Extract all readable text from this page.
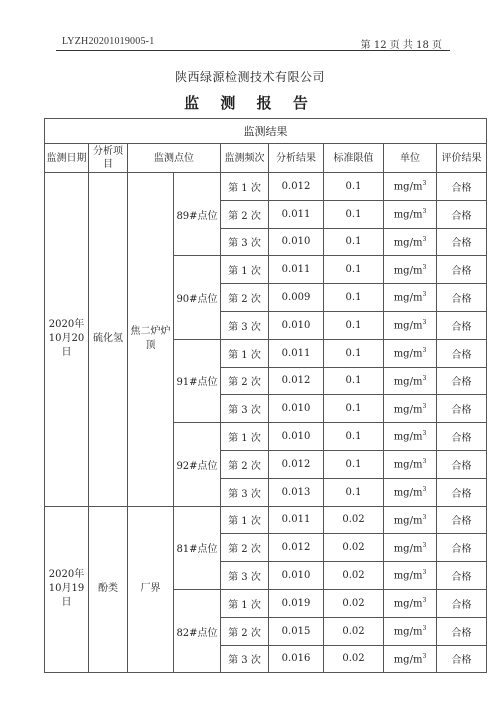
LYZH20201019005-1	第 12 页 共 18 页
陕西绿源检测技术有限公司
监 测 报 告
监测结果								
监测日期	分析项目	监测点位		监测频次	分析结果	标准限值	单位	评价结果
2020年10月20日	硫化氢	焦二炉炉顶	89#点位	第 1 次	0.012	0.1	$mg/m^3$	合格
				第 2 次	0.011	0.1	$mg/m^3$	合格
				第 3 次	0.010	0.1	$mg/m^3$	合格
			90#点位	第 1 次	0.011	0.1	$mg/m^3$	合格
				第 2 次	0.009	0.1	$mg/m^3$	合格
				第 3 次	0.010	0.1	$mg/m^3$	合格
			91#点位	第 1 次	0.011	0.1	$mg/m^3$	合格
				第 2 次	0.012	0.1	$mg/m^3$	合格
				第 3 次	0.010	0.1	$mg/m^3$	合格
			92#点位	第 1 次	0.010	0.1	$mg/m^3$	合格
				第 2 次	0.012	0.1	$mg/m^3$	合格
				第 3 次	0.013	0.1	$mg/m^3$	合格
2020年10月19日	酚类	厂界	81#点位	第 1 次	0.011	0.02	$mg/m^3$	合格
				第 2 次	0.012	0.02	$mg/m^3$	合格
				第 3 次	0.010	0.02	$mg/m^3$	合格
			82#点位	第 1 次	0.019	0.02	$mg/m^3$	合格
				第 2 次	0.015	0.02	$mg/m^3$	合格
				第 3 次	0.016	0.02	$mg/m^3$	合格
